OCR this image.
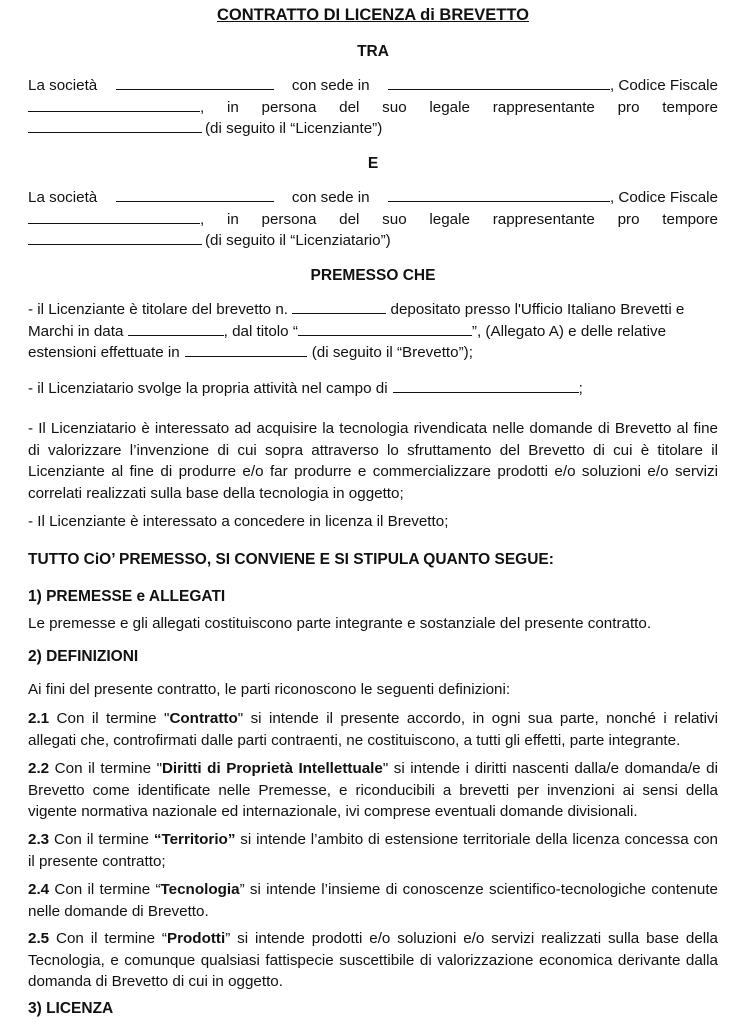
CONTRATTO DI LICENZA di BREVETTO
TRA
La società	con sede in	, Codice Fiscale
, in persona del suo legale rappresentante pro tempore
(di seguito il “Licenziante”)
E
La società	con sede in	, Codice Fiscale
, in persona del suo legale rappresentante pro tempore
(di seguito il “Licenziatario”)
PREMESSO CHE
- il Licenziante è titolare del brevetto n.	depositato presso l'Ufficio Italiano Brevetti e
Marchi in data	, dal titolo “	”, (Allegato A) e delle relative
estensioni effettuate in	(di seguito il “Brevetto”);
- il Licenziatario svolge la propria attività nel campo di	;
- Il Licenziatario è interessato ad acquisire la tecnologia rivendicata nelle domande di Brevetto al fine di valorizzare l’invenzione di cui sopra attraverso lo sfruttamento del Brevetto di cui è titolare il Licenziante al fine di produrre e/o far produrre e commercializzare prodotti e/o soluzioni e/o servizi correlati realizzati sulla base della tecnologia in oggetto;
- Il Licenziante è interessato a concedere in licenza il Brevetto;
TUTTO CiO’ PREMESSO, SI CONVIENE E SI STIPULA QUANTO SEGUE:
1) PREMESSE e ALLEGATI
Le premesse e gli allegati costituiscono parte integrante e sostanziale del presente contratto.
2) DEFINIZIONI
Ai fini del presente contratto, le parti riconoscono le seguenti definizioni:
2.1 Con il termine "Contratto" si intende il presente accordo, in ogni sua parte, nonché i relativi allegati che, controfirmati dalle parti contraenti, ne costituiscono, a tutti gli effetti, parte integrante.
2.2 Con il termine "Diritti di Proprietà Intellettuale" si intende i diritti nascenti dalla/e domanda/e di Brevetto come identificate nelle Premesse, e riconducibili a brevetti per invenzioni ai sensi della vigente normativa nazionale ed internazionale, ivi comprese eventuali domande divisionali.
2.3 Con il termine “Territorio” si intende l’ambito di estensione territoriale della licenza concessa con il presente contratto;
2.4 Con il termine “Tecnologia” si intende l’insieme di conoscenze scientifico-tecnologiche contenute nelle domande di Brevetto.
2.5 Con il termine “Prodotti” si intende prodotti e/o soluzioni e/o servizi realizzati sulla base della Tecnologia, e comunque qualsiasi fattispecie suscettibile di valorizzazione economica derivante dalla domanda di Brevetto di cui in oggetto.
3) LICENZA
